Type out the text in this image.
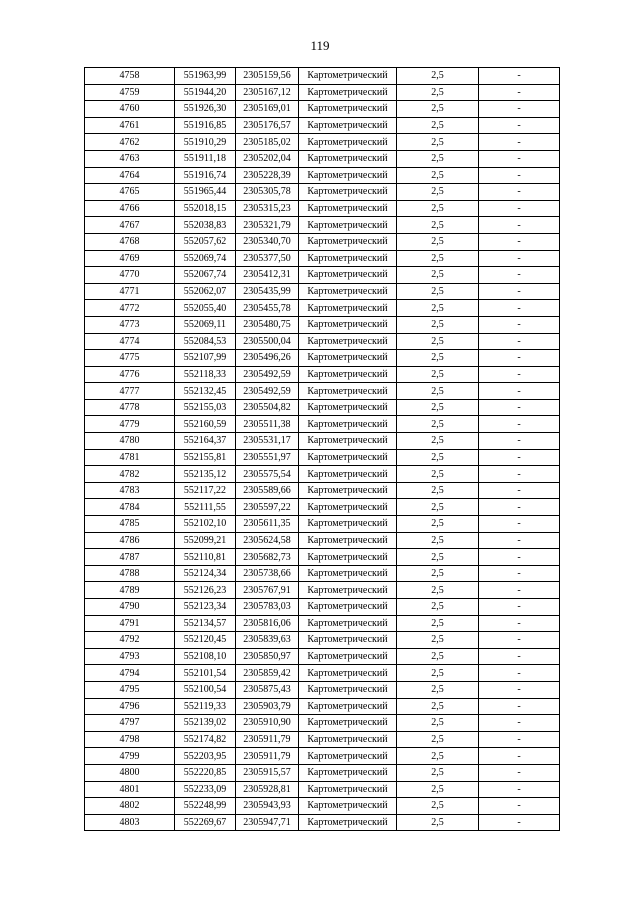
119
4758	551963,99	2305159,56	Картометрический	2,5	-
4759	551944,20	2305167,12	Картометрический	2,5	-
4760	551926,30	2305169,01	Картометрический	2,5	-
4761	551916,85	2305176,57	Картометрический	2,5	-
4762	551910,29	2305185,02	Картометрический	2,5	-
4763	551911,18	2305202,04	Картометрический	2,5	-
4764	551916,74	2305228,39	Картометрический	2,5	-
4765	551965,44	2305305,78	Картометрический	2,5	-
4766	552018,15	2305315,23	Картометрический	2,5	-
4767	552038,83	2305321,79	Картометрический	2,5	-
4768	552057,62	2305340,70	Картометрический	2,5	-
4769	552069,74	2305377,50	Картометрический	2,5	-
4770	552067,74	2305412,31	Картометрический	2,5	-
4771	552062,07	2305435,99	Картометрический	2,5	-
4772	552055,40	2305455,78	Картометрический	2,5	-
4773	552069,11	2305480,75	Картометрический	2,5	-
4774	552084,53	2305500,04	Картометрический	2,5	-
4775	552107,99	2305496,26	Картометрический	2,5	-
4776	552118,33	2305492,59	Картометрический	2,5	-
4777	552132,45	2305492,59	Картометрический	2,5	-
4778	552155,03	2305504,82	Картометрический	2,5	-
4779	552160,59	2305511,38	Картометрический	2,5	-
4780	552164,37	2305531,17	Картометрический	2,5	-
4781	552155,81	2305551,97	Картометрический	2,5	-
4782	552135,12	2305575,54	Картометрический	2,5	-
4783	552117,22	2305589,66	Картометрический	2,5	-
4784	552111,55	2305597,22	Картометрический	2,5	-
4785	552102,10	2305611,35	Картометрический	2,5	-
4786	552099,21	2305624,58	Картометрический	2,5	-
4787	552110,81	2305682,73	Картометрический	2,5	-
4788	552124,34	2305738,66	Картометрический	2,5	-
4789	552126,23	2305767,91	Картометрический	2,5	-
4790	552123,34	2305783,03	Картометрический	2,5	-
4791	552134,57	2305816,06	Картометрический	2,5	-
4792	552120,45	2305839,63	Картометрический	2,5	-
4793	552108,10	2305850,97	Картометрический	2,5	-
4794	552101,54	2305859,42	Картометрический	2,5	-
4795	552100,54	2305875,43	Картометрический	2,5	-
4796	552119,33	2305903,79	Картометрический	2,5	-
4797	552139,02	2305910,90	Картометрический	2,5	-
4798	552174,82	2305911,79	Картометрический	2,5	-
4799	552203,95	2305911,79	Картометрический	2,5	-
4800	552220,85	2305915,57	Картометрический	2,5	-
4801	552233,09	2305928,81	Картометрический	2,5	-
4802	552248,99	2305943,93	Картометрический	2,5	-
4803	552269,67	2305947,71	Картометрический	2,5	-
